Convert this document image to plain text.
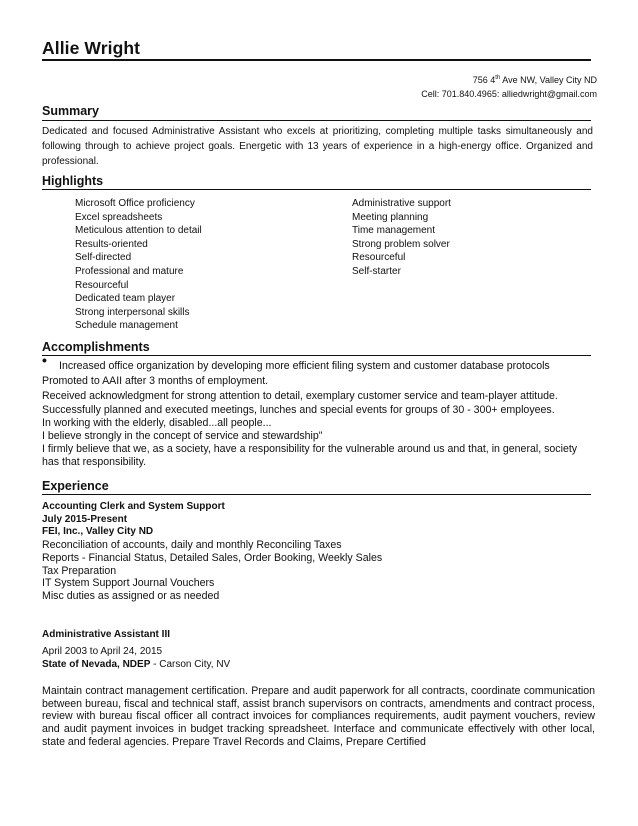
Allie Wright
756 4th Ave NW, Valley City ND
Cell: 701.840.4965: alliedwright@gmail.com
Summary
Dedicated and focused Administrative Assistant who excels at prioritizing, completing multiple tasks simultaneously and following through to achieve project goals. Energetic with 13 years of experience in a high-energy office. Organized and professional.
Highlights
Microsoft Office proficiency
Excel spreadsheets
Meticulous attention to detail
Results-oriented
Self-directed
Professional and mature
Resourceful
Dedicated team player
Strong interpersonal skills
Schedule management
Administrative support
Meeting planning
Time management
Strong problem solver
Resourceful
Self-starter
Accomplishments
• Increased office organization by developing more efficient filing system and customer database protocols
Promoted to AAII after 3 months of employment.
Received acknowledgment for strong attention to detail, exemplary customer service and team-player attitude.
Successfully planned and executed meetings, lunches and special events for groups of 30 - 300+ employees.
In working with the elderly, disabled...all people...
I believe strongly in the concept of service and stewardship"
I firmly believe that we, as a society, have a responsibility for the vulnerable around us and that, in general, society has that responsibility.
Experience
Accounting Clerk and System Support
July 2015-Present
FEI, Inc., Valley City ND
Reconciliation of accounts, daily and monthly Reconciling Taxes
Reports - Financial Status, Detailed Sales, Order Booking, Weekly Sales
Tax Preparation
IT System Support Journal Vouchers
Misc duties as assigned or as needed
Administrative Assistant III
April 2003 to April 24, 2015
State of Nevada, NDEP - Carson City, NV
Maintain contract management certification. Prepare and audit paperwork for all contracts, coordinate communication between bureau, fiscal and technical staff, assist branch supervisors on contracts, amendments and contract process, review with bureau fiscal officer all contract invoices for compliances requirements, audit payment vouchers, review and audit payment invoices in budget tracking spreadsheet. Interface and communicate effectively with other local, state and federal agencies. Prepare Travel Records and Claims, Prepare Certified
